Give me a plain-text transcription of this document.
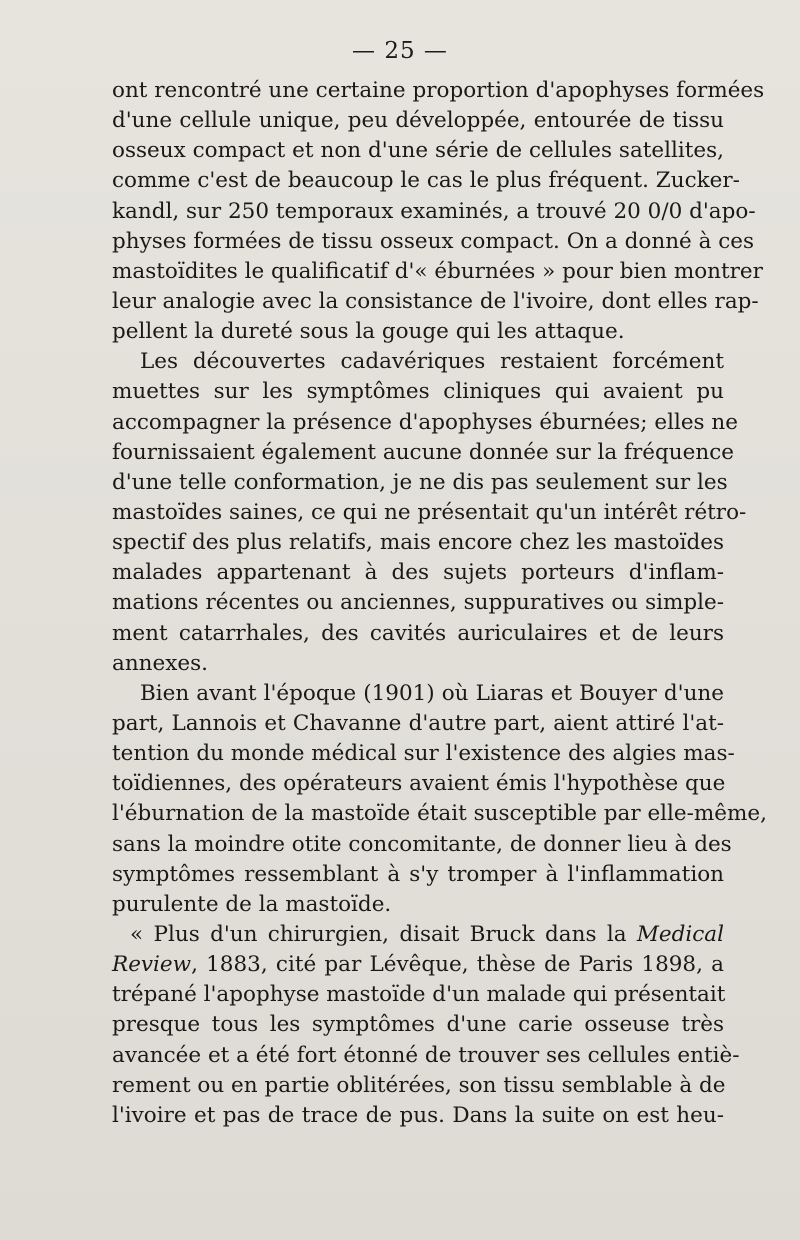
— 25 —
ont rencontré une certaine proportion d'apophyses formées
d'une cellule unique, peu développée, entourée de tissu
osseux compact et non d'une série de cellules satellites,
comme c'est de beaucoup le cas le plus fréquent. Zucker-
kandl, sur 250 temporaux examinés, a trouvé 20 0/0 d'apo-
physes formées de tissu osseux compact. On a donné à ces
mastoïdites le qualificatif d'« éburnées » pour bien montrer
leur analogie avec la consistance de l'ivoire, dont elles rap-
pellent la dureté sous la gouge qui les attaque.
Les découvertes cadavériques restaient forcément
muettes sur les symptômes cliniques qui avaient pu
accompagner la présence d'apophyses éburnées; elles ne
fournissaient également aucune donnée sur la fréquence
d'une telle conformation, je ne dis pas seulement sur les
mastoïdes saines, ce qui ne présentait qu'un intérêt rétro-
spectif des plus relatifs, mais encore chez les mastoïdes
malades appartenant à des sujets porteurs d'inflam-
mations récentes ou anciennes, suppuratives ou simple-
ment catarrhales, des cavités auriculaires et de leurs
annexes.
Bien avant l'époque (1901) où Liaras et Bouyer d'une
part, Lannois et Chavanne d'autre part, aient attiré l'at-
tention du monde médical sur l'existence des algies mas-
toïdiennes, des opérateurs avaient émis l'hypothèse que
l'éburnation de la mastoïde était susceptible par elle-même,
sans la moindre otite concomitante, de donner lieu à des
symptômes ressemblant à s'y tromper à l'inflammation
purulente de la mastoïde.
« Plus d'un chirurgien, disait Bruck dans la Medical
Review, 1883, cité par Lévêque, thèse de Paris 1898, a
trépané l'apophyse mastoïde d'un malade qui présentait
presque tous les symptômes d'une carie osseuse très
avancée et a été fort étonné de trouver ses cellules entiè-
rement ou en partie oblitérées, son tissu semblable à de
l'ivoire et pas de trace de pus. Dans la suite on est heu-
